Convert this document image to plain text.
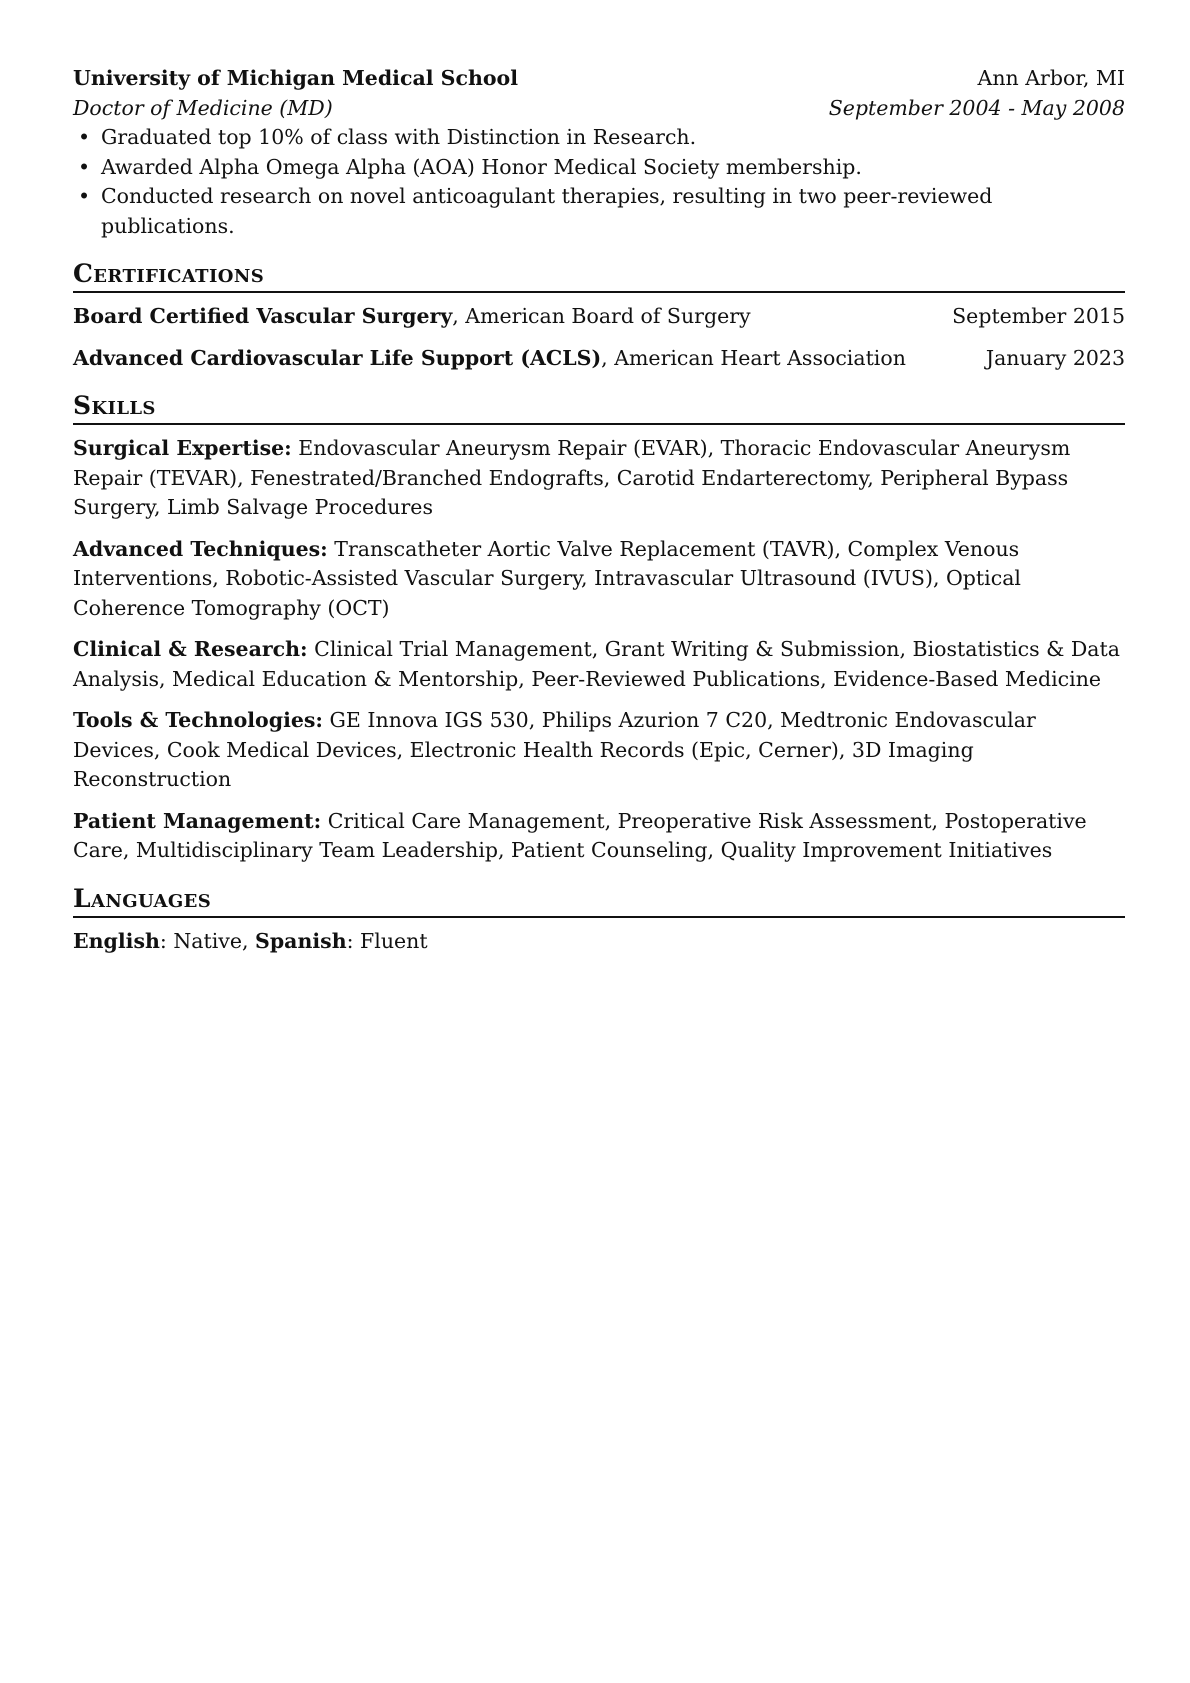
University of Michigan Medical School	Ann Arbor, MI
Doctor of Medicine (MD)	September 2004 - May 2008
• Graduated top 10% of class with Distinction in Research.
• Awarded Alpha Omega Alpha (AOA) Honor Medical Society membership.
• Conducted research on novel anticoagulant therapies, resulting in two peer-reviewed publications.
Certifications
Board Certified Vascular Surgery, American Board of Surgery	September 2015
Advanced Cardiovascular Life Support (ACLS), American Heart Association	January 2023
Skills
Surgical Expertise: Endovascular Aneurysm Repair (EVAR), Thoracic Endovascular Aneurysm Repair (TEVAR), Fenestrated/Branched Endografts, Carotid Endarterectomy, Peripheral Bypass Surgery, Limb Salvage Procedures
Advanced Techniques: Transcatheter Aortic Valve Replacement (TAVR), Complex Venous Interventions, Robotic-Assisted Vascular Surgery, Intravascular Ultrasound (IVUS), Optical Coherence Tomography (OCT)
Clinical & Research: Clinical Trial Management, Grant Writing & Submission, Biostatistics & Data Analysis, Medical Education & Mentorship, Peer-Reviewed Publications, Evidence-Based Medicine
Tools & Technologies: GE Innova IGS 530, Philips Azurion 7 C20, Medtronic Endovascular Devices, Cook Medical Devices, Electronic Health Records (Epic, Cerner), 3D Imaging Reconstruction
Patient Management: Critical Care Management, Preoperative Risk Assessment, Postoperative Care, Multidisciplinary Team Leadership, Patient Counseling, Quality Improvement Initiatives
Languages
English: Native, Spanish: Fluent
